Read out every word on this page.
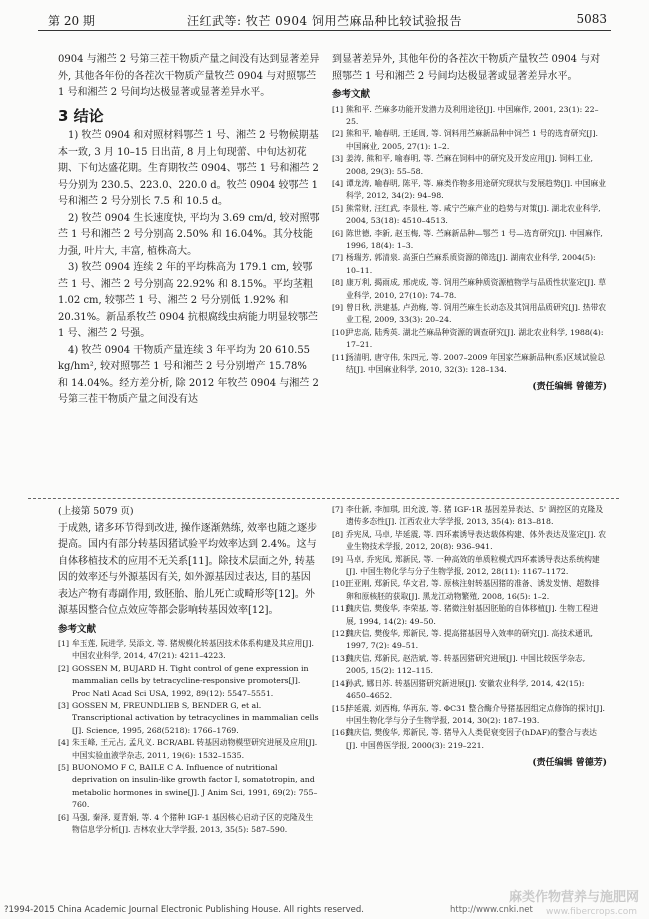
第 20 期	汪红武等: 牧芒 0904 饲用苎麻品种比较试验报告	5083

0904 与湘苎 2 号第三茬干物质产量之间没有达到显著差异外, 其他各年份的各茬次干物质产量牧苎 0904 与对照鄂苎 1 号和湘苎 2 号间均达极显著或显著差异水平。

3 结论

1) 牧苎 0904 和对照材料鄂苎 1 号、湘苎 2 号物候期基本一致, 3 月 10–15 日出苗, 8 月上旬现蕾、中旬达初花期、下旬达盛花期。生育期牧苎 0904、鄂苎 1 号和湘苎 2 号分别为 230.5、223.0、220.0 d。牧苎 0904 较鄂苎 1 号和湘苎 2 号分别长 7.5 和 10.5 d。

2) 牧苎 0904 生长速度快, 平均为 3.69 cm/d, 较对照鄂苎 1 号和湘苎 2 号分别高 2.50% 和 16.04%。其分枝能力强, 叶片大, 丰富, 植株高大。

3) 牧苎 0904 连续 2 年的平均株高为 179.1 cm, 较鄂苎 1 号、湘苎 2 号分别高 22.92% 和 8.15%。平均茎粗 1.02 cm, 较鄂苎 1 号、湘苎 2 号分别低 1.92% 和 20.31%。新品系牧苎 0904 抗根腐线虫病能力明显较鄂苎 1 号、湘苎 2 号强。

4) 牧苎 0904 干物质产量连续 3 年平均为 20 610.55 kg/hm², 较对照鄂苎 1 号和湘苎 2 号分别增产 15.78% 和 14.04%。经方差分析, 除 2012 年牧苎 0904 与湘苎 2 号第三茬干物质产量之间没有达

到显著差异外, 其他年份的各茬次干物质产量牧苎 0904 与对照鄂苎 1 号和湘苎 2 号间均达极显著或显著差异水平。

参考文献
[1] 熊和平. 苎麻多功能开发潜力及利用途径[J]. 中国麻作, 2001, 23(1): 22–25.
[2] 熊和平, 喻春明, 王延周, 等. 饲料用苎麻新品种中饲苎 1 号的选育研究[J]. 中国麻业, 2005, 27(1): 1–2.
[3] 姜涛, 熊和平, 喻春明, 等. 苎麻在饲料中的研究及开发应用[J]. 饲料工业, 2008, 29(3): 55–58.
[4] 谭龙涛, 喻春明, 陈平, 等. 麻类作物多用途研究现状与发展趋势[J]. 中国麻业科学, 2012, 34(2): 94–98.
[5] 熊常财, 汪红武, 李景柱, 等. 咸宁苎麻产业的趋势与对策[J]. 湖北农业科学, 2004, 53(18): 4510–4513.
[6] 陈世德, 李新, 赵玉梅, 等. 苎麻新品种—鄂苎 1 号—选育研究[J]. 中国麻作, 1996, 18(4): 1–3.
[7] 杨瑞芳, 郭清泉. 高蛋白苎麻系质资源的筛选[J]. 湖南农业科学, 2004(5): 10–11.
[8] 康万利, 揭雨成, 邢虎成, 等. 饲用苎麻种质资源植物学与品质性状鉴定[J]. 草业科学, 2010, 27(10): 74–78.
[9] 曾日秋, 洪建基, 卢劲梅, 等. 饲用苎麻生长动态及其饲用品质研究[J]. 热带农业工程, 2009, 33(3): 20–24.
[10]
尹忠高, 陆秀英. 湖北苎麻品种资源的调查研究[J]. 湖北农业科学, 1988(4): 17–21.
[11]
汤清明, 唐守伟, 朱四元, 等. 2007–2009 年国家苎麻新品种(系)区域试验总结[J]. 中国麻业科学, 2010, 32(3): 128–134.
(责任编辑 曾德芳)

(上接第 5079 页)

于成熟, 诸多环节得到改进, 操作逐渐熟练, 效率也随之逐步提高。国内有部分转基因猪试验平均效率达到 2.4%。这与自体移植技术的应用不无关系[11]。除技术层面之外, 转基因的效率还与外源基因有关, 如外源基因过表达, 目的基因表达产物有毒副作用, 致胚胎、胎儿死亡或畸形等[12]。外源基因整合位点效应等都会影响转基因效率[12]。

参考文献
[1] 牟玉莲, 阮进学, 吴添文, 等. 猪规模化转基因技术体系构建及其应用[J]. 中国农业科学, 2014, 47(21): 4211–4223.
[2] GOSSEN M, BUJARD H. Tight control of gene expression in mammalian cells by tetracycline-responsive promoters[J]. Proc Natl Acad Sci USA, 1992, 89(12): 5547–5551.
[3] GOSSEN M, FREUNDLIEB S, BENDER G, et al. Transcriptional activation by tetracyclines in mammalian cells [J]. Science, 1995, 268(5218): 1766–1769.
[4] 朱玉峰, 王元占, 孟凡义. BCR/ABL 转基因动物模型研究进展及应用[J]. 中国实验血液学杂志, 2011, 19(6): 1532–1535.
[5] BUONOMO F C, BAILE C A. Influence of nutritional deprivation on insulin-like growth factor I, somatotropin, and metabolic hormones in swine[J]. J Anim Sci, 1991, 69(2): 755–760.
[6] 马强, 秦泽, 夏青娟, 等. 4 个猪种 IGF-1 基因核心启动子区的克隆及生物信息学分析[J]. 吉林农业大学学报, 2013, 35(5): 587–590.
[7] 李仕新, 李加琪, 田允波, 等. 猪 IGF-1R 基因差异表达、5' 调控区的克隆及遗传多态性[J]. 江西农业大学学报, 2013, 35(4): 813–818.
[8] 乔宪凤, 马卓, 毕延震, 等. 四环素诱导表达载体构建、体外表达及鉴定[J]. 农业生物技术学报, 2012, 20(8): 936–941.
[9] 马卓, 乔宪凤, 郑新民, 等. 一种高效的单质粒模式四环素诱导表达系统构建[J]. 中国生物化学与分子生物学报, 2012, 28(11): 1167–1172.
[10]
王亚刚, 郑新民, 华文君, 等. 原核注射转基因猪的准备、诱发发情、超数排卵和原核胚的获取[J]. 黑龙江动物繁殖, 2008, 16(5): 1–2.
[11]
魏庆信, 樊俊华, 李荣基, 等. 猪微注射基因胚胎的自体移植[J]. 生物工程进展, 1994, 14(2): 49–50.
[12]
魏庆信, 樊俊华, 郑新民, 等. 提高猪基因导入效率的研究[J]. 高技术通讯, 1997, 7(2): 49–51.
[13]
魏庆信, 郑新民, 赵浩斌, 等. 转基因猪研究进展[J]. 中国比较医学杂志, 2005, 15(2): 112–115.
[14]
孙武, 娜日苏. 转基因猪研究新进展[J]. 安徽农业科学, 2014, 42(15): 4650–4652.
[15]
毕延震, 刘西梅, 华再东, 等. ΦC31 整合酶介导猪基因组定点修饰的探讨[J]. 中国生物化学与分子生物学报, 2014, 30(2): 187–193.
[16]
魏庆信, 樊俊华, 郑新民, 等. 猪导入人类促衰变因子(hDAF)的整合与表达[J]. 中国兽医学报, 2000(3): 219–221.
(责任编辑 曾德芳)
?1994-2015 China Academic Journal Electronic Publishing House. All rights reserved.	http://www.cnki.net
麻类作物营养与施肥网
www.fibercrops.com
